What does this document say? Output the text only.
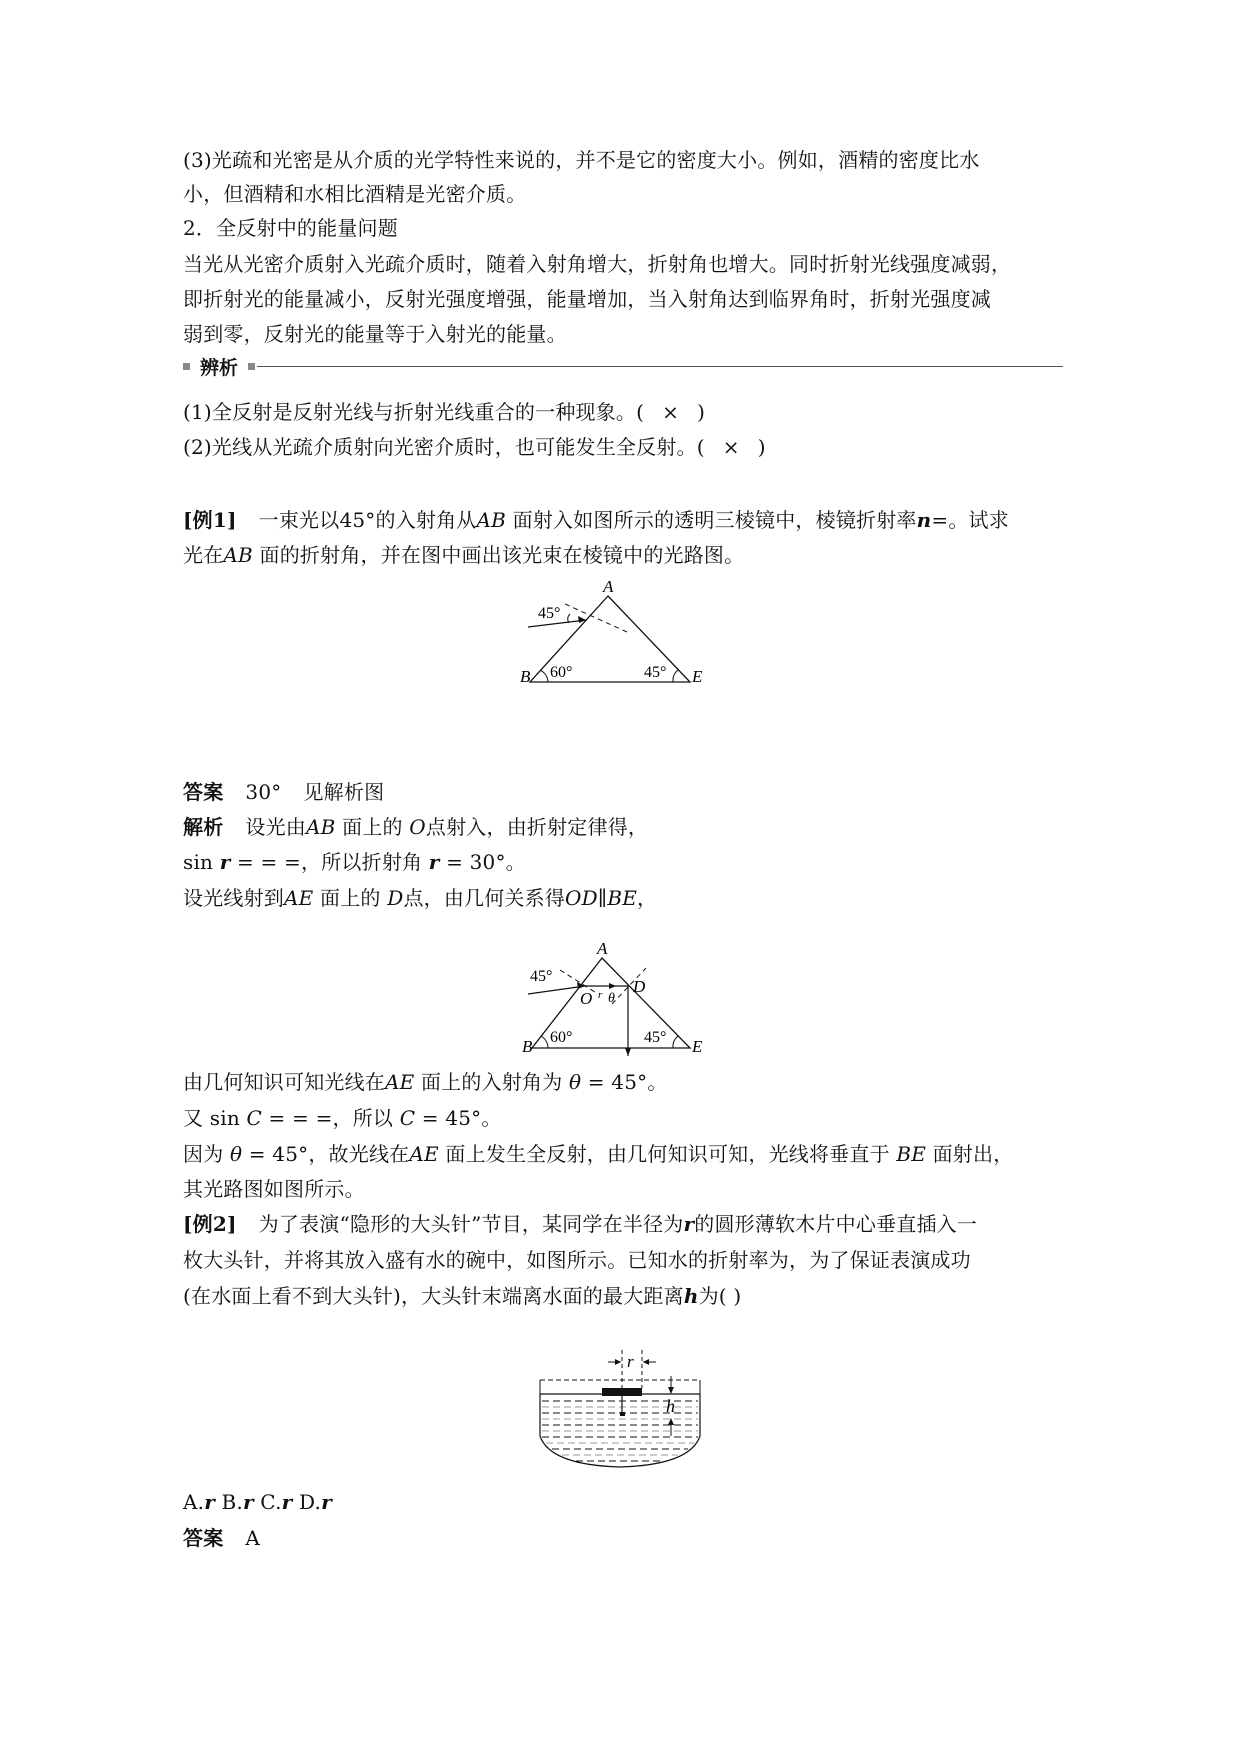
(3)光疏和光密是从介质的光学特性来说的，并不是它的密度大小。例如，酒精的密度比水
小，但酒精和水相比酒精是光密介质。
2．全反射中的能量问题
当光从光密介质射入光疏介质时，随着入射角增大，折射角也增大。同时折射光线强度减弱，
即折射光的能量减小，反射光强度增强，能量增加，当入射角达到临界角时，折射光强度减
弱到零，反射光的能量等于入射光的能量。
辨析
(1)全反射是反射光线与折射光线重合的一种现象。( × )
(2)光线从光疏介质射向光密介质时，也可能发生全反射。( × )
[例1] 一束光以45°的入射角从AB 面射入如图所示的透明三棱镜中，棱镜折射率n=。试求
光在AB 面的折射角，并在图中画出该光束在棱镜中的光路图。
A
B	E
45°
60°	45°
答案 30° 见解析图
解析 设光由AB 面上的 O点射入，由折射定律得，
sin r = = =，所以折射角 r = 30°。
设光线射到AE 面上的 D点，由几何关系得OD∥BE，
A
B	E
O
D
r θ
45°
60°	45°
由几何知识可知光线在AE 面上的入射角为 θ = 45°。
又 sin C = = =，所以 C = 45°。
因为 θ = 45°，故光线在AE 面上发生全反射，由几何知识可知，光线将垂直于 BE 面射出，
其光路图如图所示。
[例2] 为了表演“隐形的大头针”节目，某同学在半径为r的圆形薄软木片中心垂直插入一
枚大头针，并将其放入盛有水的碗中，如图所示。已知水的折射率为，为了保证表演成功
(在水面上看不到大头针)，大头针末端离水面的最大距离h为( )
r
h
A.r B.r C.r D.r
答案 A
